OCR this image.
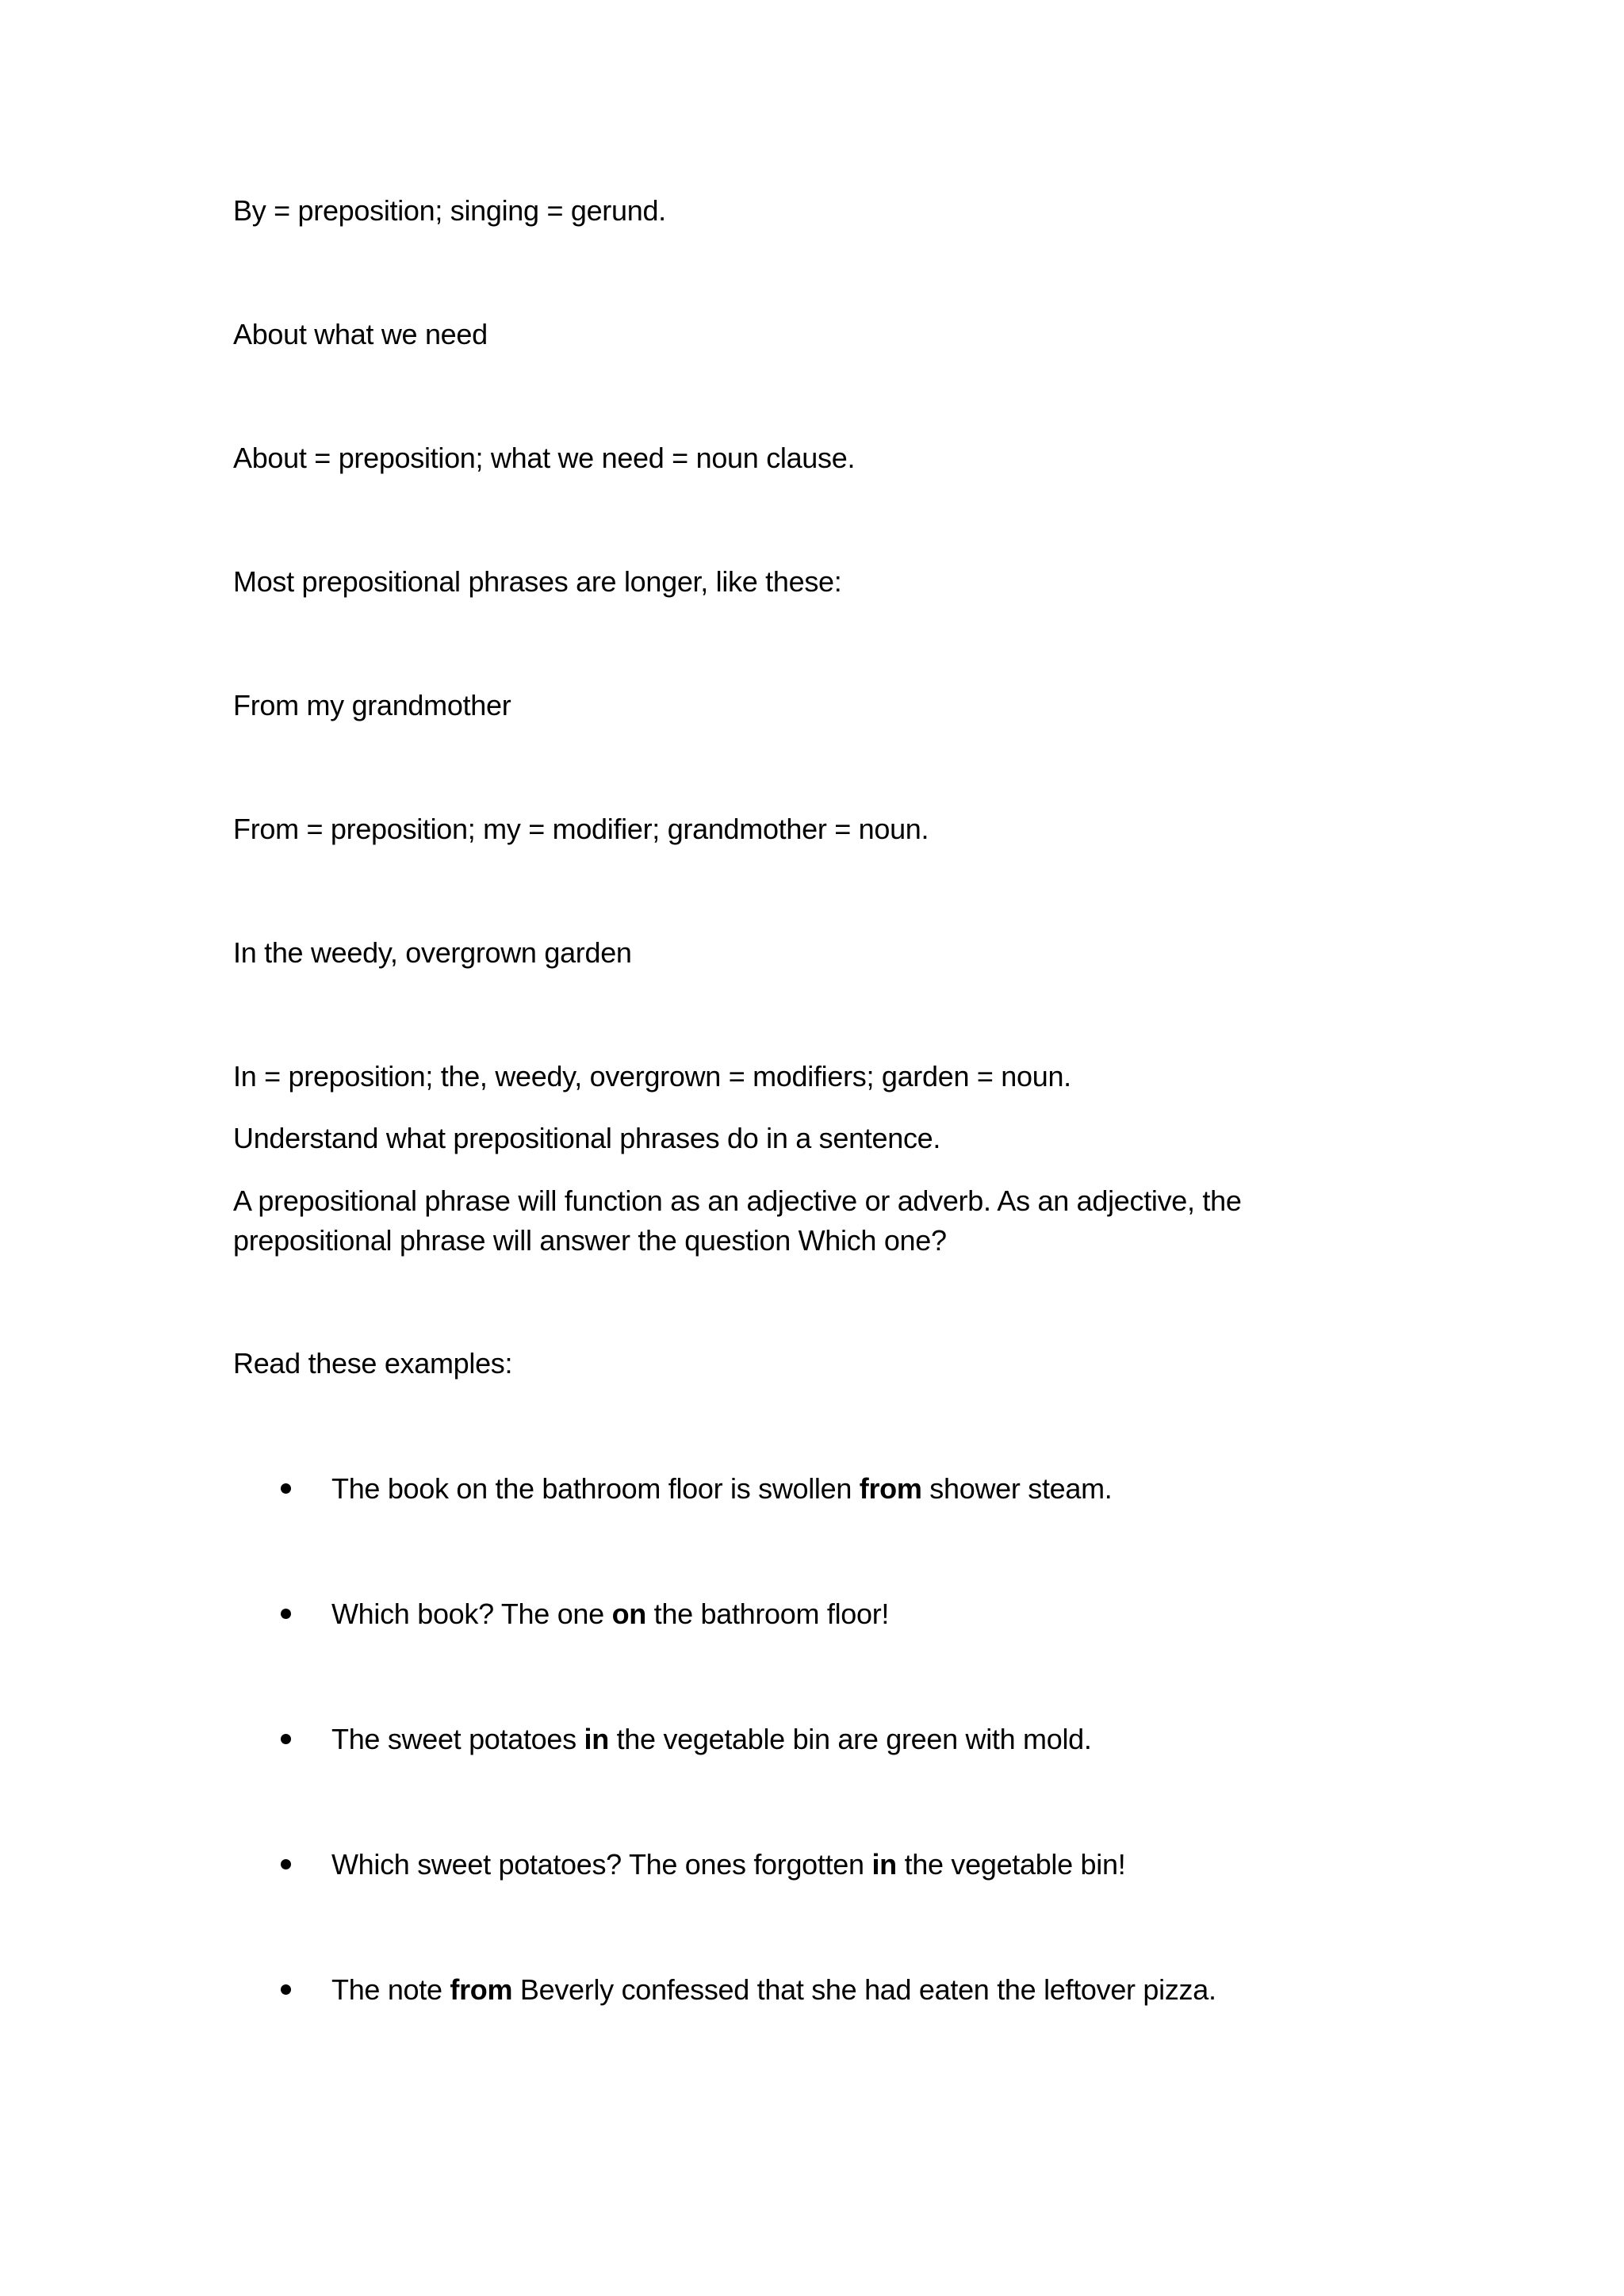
By = preposition; singing = gerund.

About what we need

About = preposition; what we need = noun clause.

Most prepositional phrases are longer, like these:

From my grandmother

From = preposition; my = modifier; grandmother = noun.

In the weedy, overgrown garden

In = preposition; the, weedy, overgrown = modifiers; garden = noun.

Understand what prepositional phrases do in a sentence.

A prepositional phrase will function as an adjective or adverb. As an adjective, the prepositional phrase will answer the question Which one?

Read these examples:

The book on the bathroom floor is swollen from shower steam.
Which book? The one on the bathroom floor!
The sweet potatoes in the vegetable bin are green with mold.
Which sweet potatoes? The ones forgotten in the vegetable bin!
The note from Beverly confessed that she had eaten the leftover pizza.
